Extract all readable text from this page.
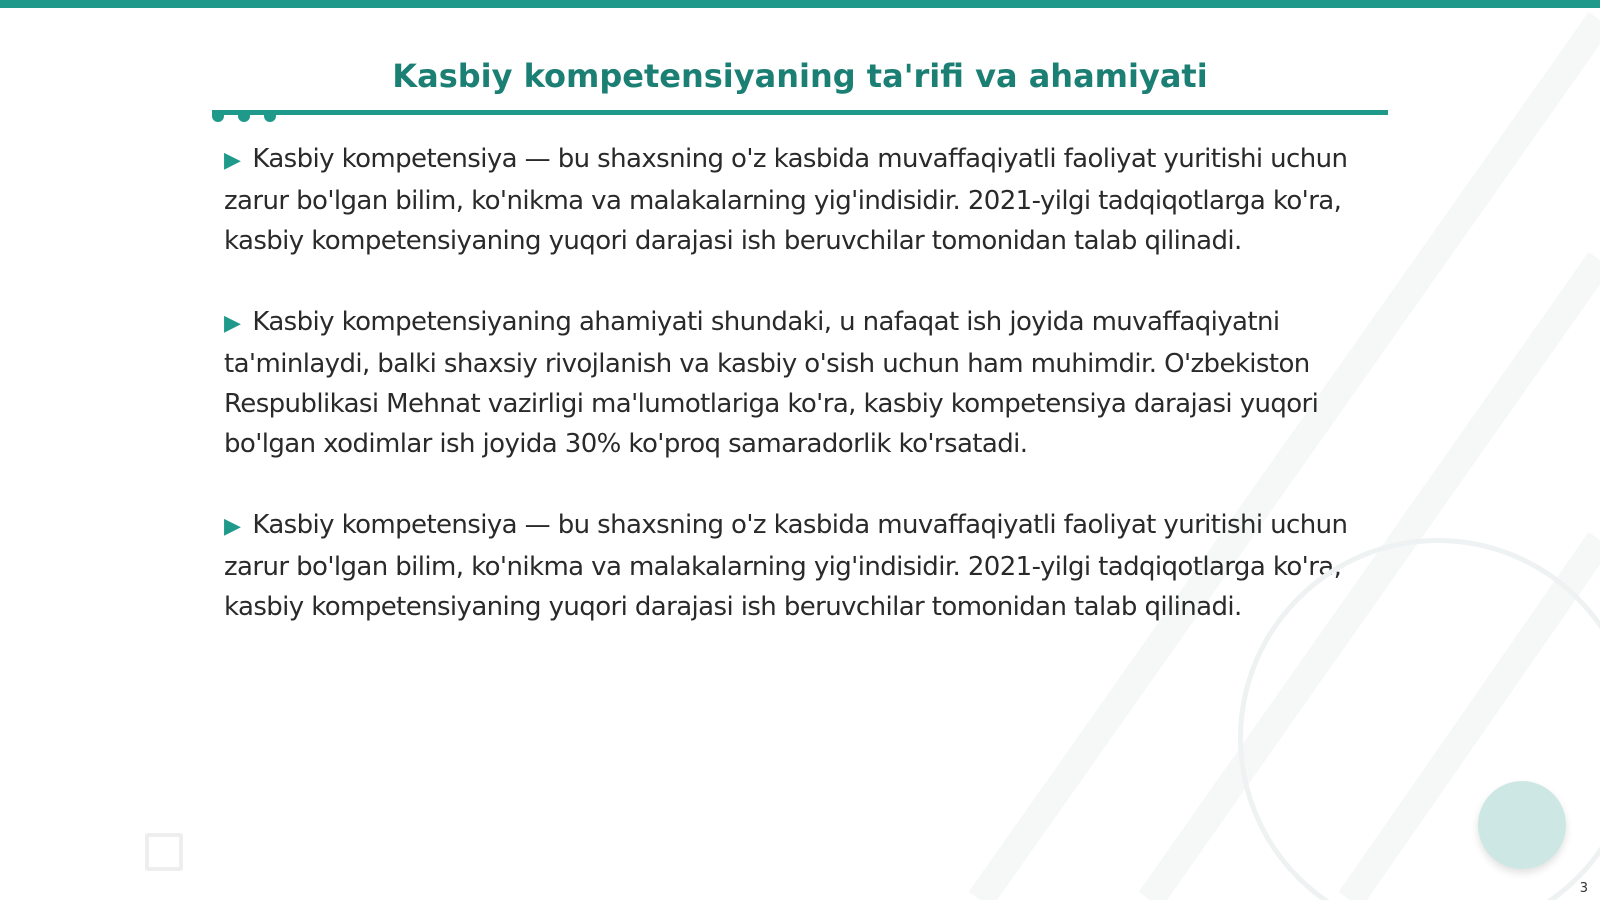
Kasbiy kompetensiyaning ta'rifi va ahamiyati

▶ Kasbiy kompetensiya — bu shaxsning o'z kasbida muvaffaqiyatli faoliyat yuritishi uchun zarur bo'lgan bilim, ko'nikma va malakalarning yig'indisidir. 2021-yilgi tadqiqotlarga ko'ra, kasbiy kompetensiyaning yuqori darajasi ish beruvchilar tomonidan talab qilinadi.

▶ Kasbiy kompetensiyaning ahamiyati shundaki, u nafaqat ish joyida muvaffaqiyatni ta'minlaydi, balki shaxsiy rivojlanish va kasbiy o'sish uchun ham muhimdir. O'zbekiston Respublikasi Mehnat vazirligi ma'lumotlariga ko'ra, kasbiy kompetensiya darajasi yuqori bo'lgan xodimlar ish joyida 30% ko'proq samaradorlik ko'rsatadi.

▶ Kasbiy kompetensiya — bu shaxsning o'z kasbida muvaffaqiyatli faoliyat yuritishi uchun zarur bo'lgan bilim, ko'nikma va malakalarning yig'indisidir. 2021-yilgi tadqiqotlarga ko'ra, kasbiy kompetensiyaning yuqori darajasi ish beruvchilar tomonidan talab qilinadi.

3
